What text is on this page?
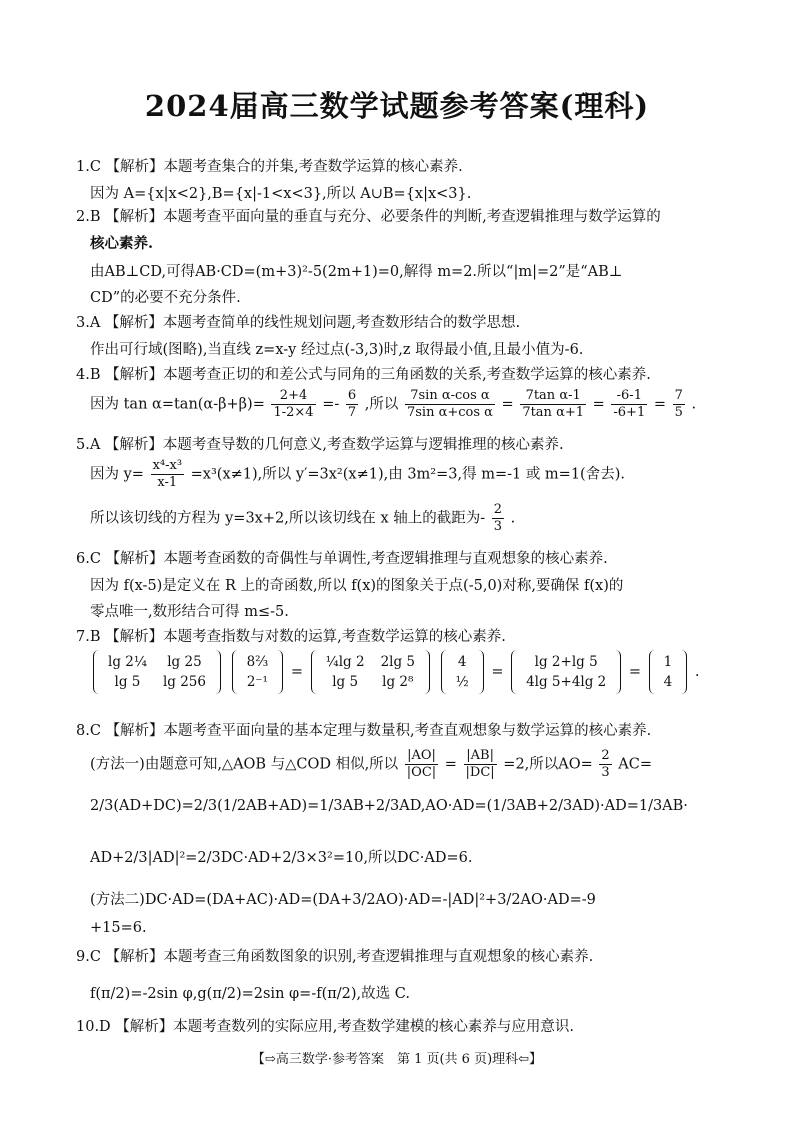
2024届高三数学试题参考答案(理科)
1.C 【解析】本题考查集合的并集,考查数学运算的核心素养.
因为 A={x|x<2},B={x|-1<x<3},所以 A∪B={x|x<3}.
2.B 【解析】本题考查平面向量的垂直与充分、必要条件的判断,考查逻辑推理与数学运算的
核心素养.
由AB⊥CD,可得AB·CD=(m+3)²-5(2m+1)=0,解得 m=2.所以“|m|=2”是“AB⊥
CD”的必要不充分条件.
3.A 【解析】本题考查简单的线性规划问题,考查数形结合的数学思想.
作出可行域(图略),当直线 z=x-y 经过点(-3,3)时,z 取得最小值,且最小值为-6.
4.B 【解析】本题考查正切的和差公式与同角的三角函数的关系,考查数学运算的核心素养.
因为 $\tan \alpha=\tan(\alpha-\beta+\beta)= \frac{2+4}{1-2\times 4} =- \frac{6}{7}$ ,所以 $\frac{\text{7sin α-cos α}}{\text{7sin α+cos α}} = \frac{\text{7tan α-1}}{\text{7tan α+1}} = \frac{-6-1}{-6+1} = \frac{7}{5}$ .
5.A 【解析】本题考查导数的几何意义,考查数学运算与逻辑推理的核心素养.
因为 $y= \frac{\text{x⁴-x³}}{x-1} =x^3(x\ne 1)$,所以 y′=3x²(x≠1),由 3m²=3,得 m=-1 或 m=1(舍去).
所以该切线的方程为 y=3x+2,所以该切线在 x 轴上的截距为- $\frac{2}{3}$ .
6.C 【解析】本题考查函数的奇偶性与单调性,考查逻辑推理与直观想象的核心素养.
因为 f(x-5)是定义在 R 上的奇函数,所以 f(x)的图象关于点(-5,0)对称,要确保 f(x)的
零点唯一,数形结合可得 m≤-5.
7.B 【解析】本题考查指数与对数的运算,考查数学运算的核心素养.
lg 2¼	lg 25
lg 5	lg 256

8⅔
2⁻¹
=
¼lg 2	2lg 5
lg 5	lg 2⁸

4
½
=
lg 2+lg 5
4lg 5+4lg 2
=
1
4
.
8.C 【解析】本题考查平面向量的基本定理与数量积,考查直观想象与数学运算的核心素养.
(方法一)由题意可知,△AOB 与△COD 相似,所以 $\frac{|AO|}{|OC|} = \frac{|AB|}{|DC|} =2$,所以$AO= \frac{2}{3} AC=$
2/3(AD+DC)=2/3(1/2AB+AD)=1/3AB+2/3AD,AO·AD=(1/3AB+2/3AD)·AD=1/3AB·
AD+2/3|AD|²=2/3DC·AD+2/3×3²=10,所以DC·AD=6.
(方法二)DC·AD=(DA+AC)·AD=(DA+3/2AO)·AD=-|AD|²+3/2AO·AD=-9
+15=6.
9.C 【解析】本题考查三角函数图象的识别,考查逻辑推理与直观想象的核心素养.
f(π/2)=-2sin φ,g(π/2)=2sin φ=-f(π/2),故选 C.
10.D 【解析】本题考查数列的实际应用,考查数学建模的核心素养与应用意识.
【⇨高三数学·参考答案　第 1 页(共 6 页)理科⇦】
